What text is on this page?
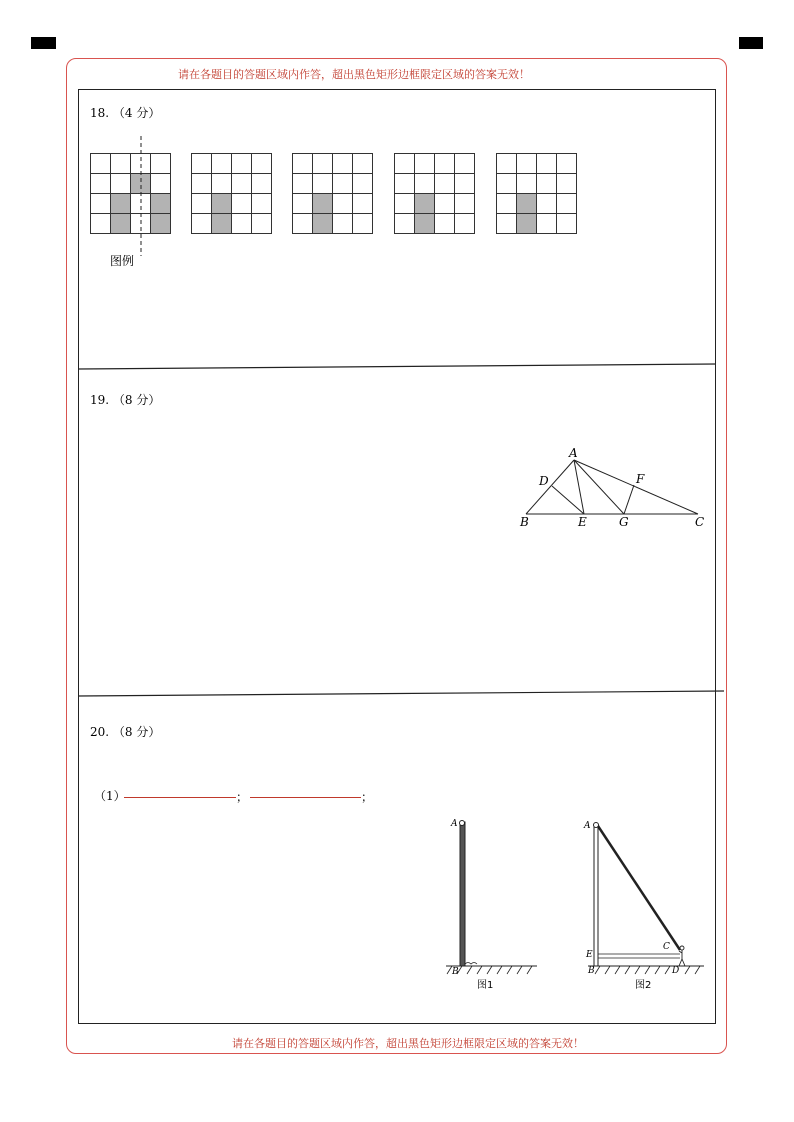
请在各题目的答题区域内作答，超出黑色矩形边框限定区域的答案无效！
请在各题目的答题区域内作答，超出黑色矩形边框限定区域的答案无效！
18. （4 分）
图例
19. （8 分）
A
B	C
D
E
F
G
20. （8 分）
（1）	；	；
A
B
图1
A
E
C
B	D
图2
